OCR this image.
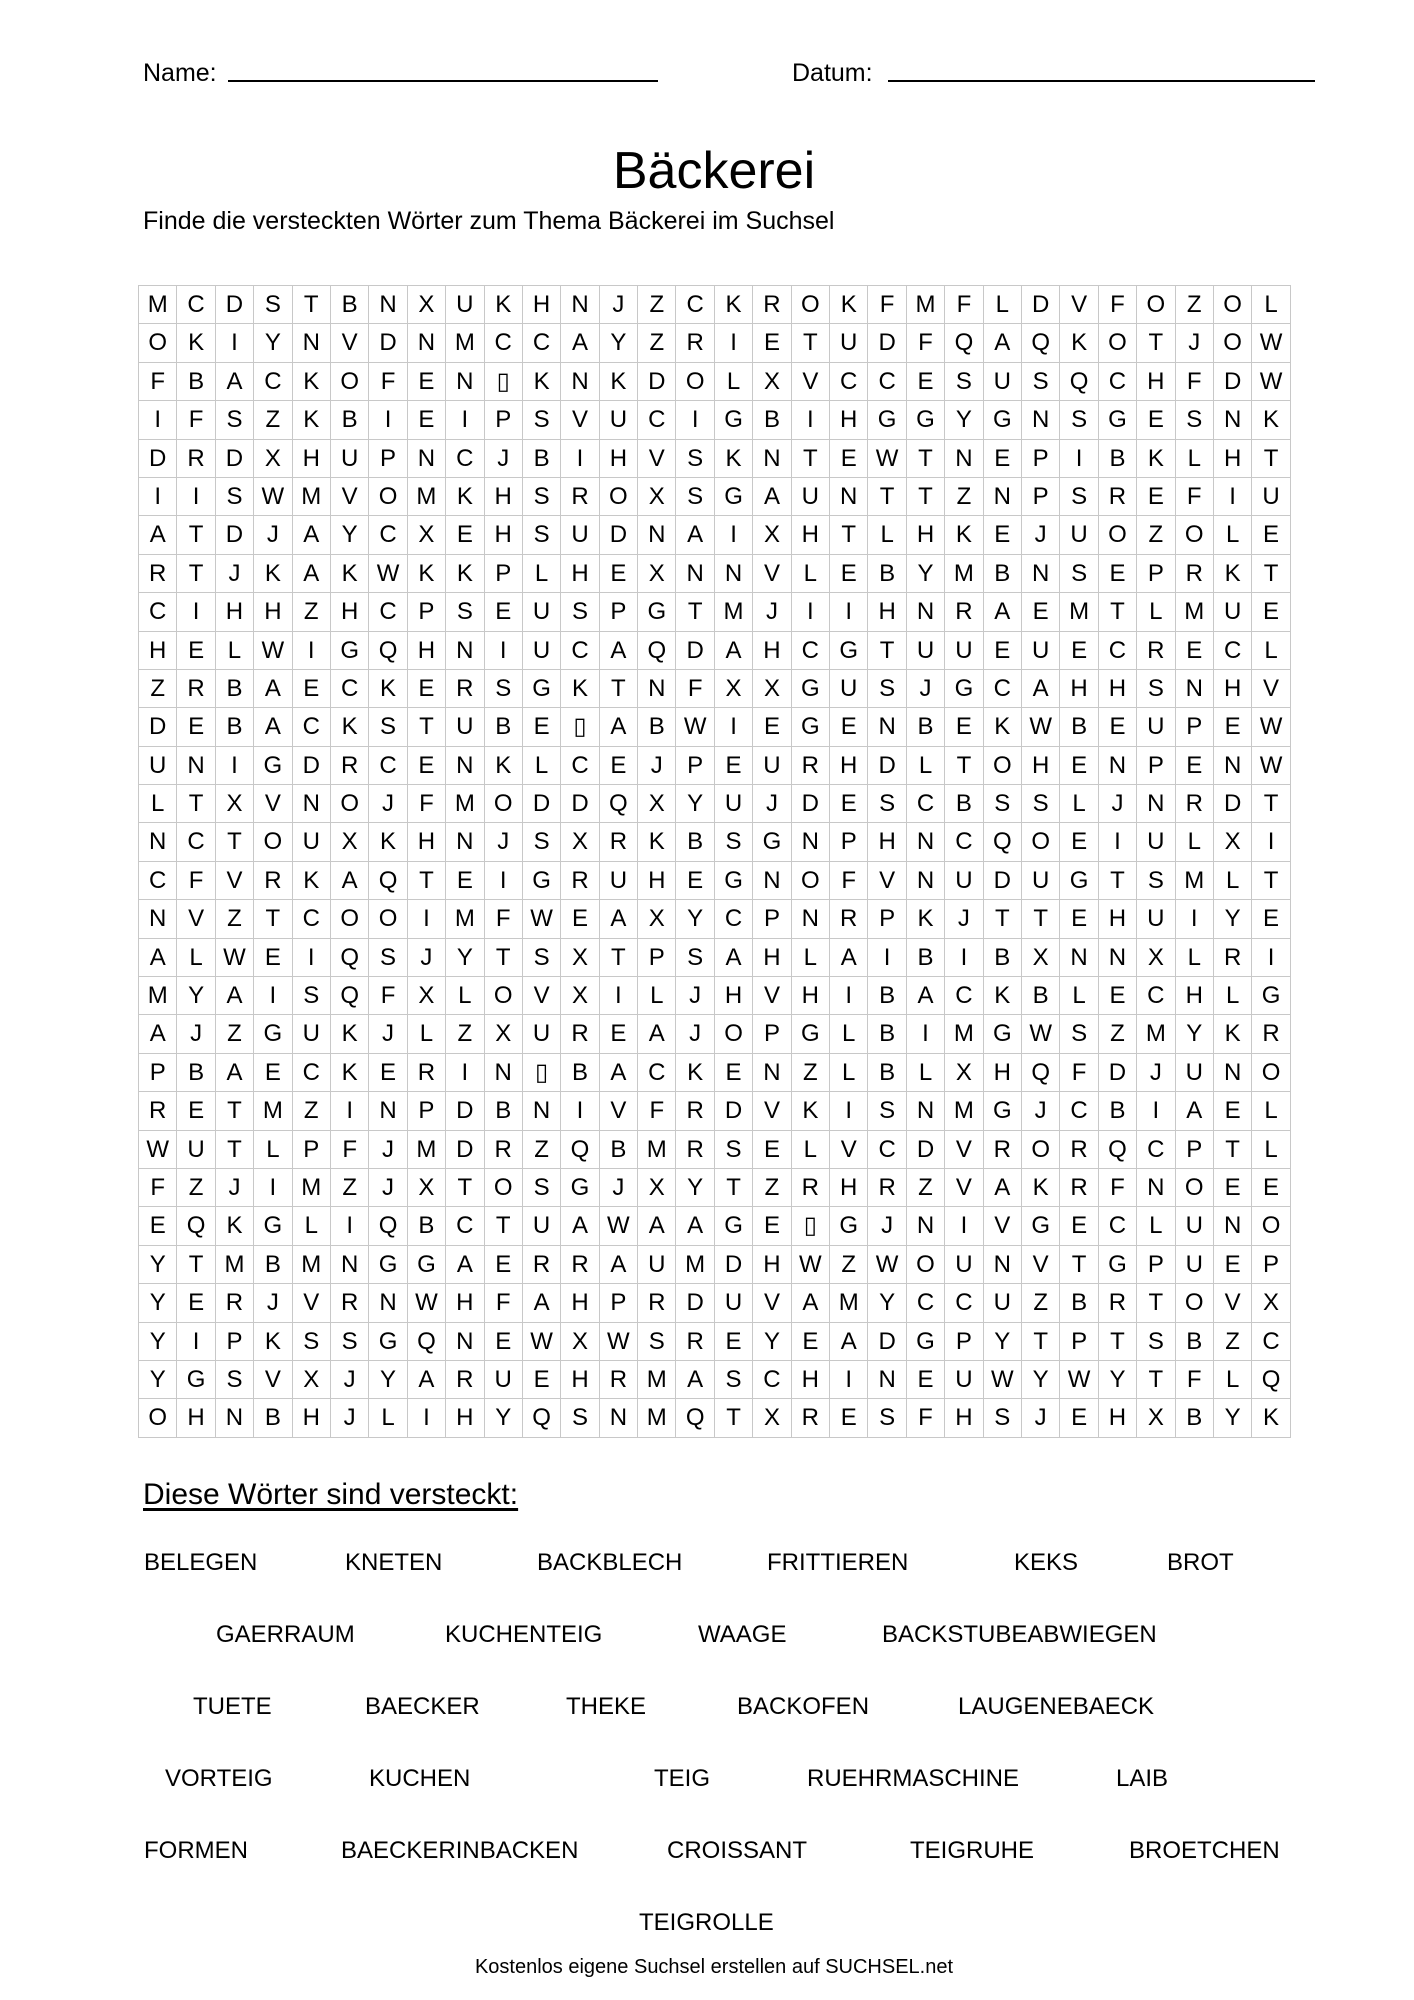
Name:	Datum:
Bäckerei
Finde die versteckten Wörter zum Thema Bäckerei im Suchsel
M C D S T B N X U K H N J	Z C K R O K F M F	L D V F O Z O L
O K	I	Y N V D N M C C A Y Z R	I	E T U D F Q A Q K O T	J O W
F B A C K O F E N ▯ K N K D O L X V C C E S U S Q C H F D W
I	F S Z K B	I	E	I	P S V U C	I	G B	I	H G G Y G N S G E S N K
D R D X H U P N C J	B	I	H V S K N T E W T N E P	I	B K L H T
I	I	S W M V O M K H S R O X S G A U N T T Z N P S R E F	I	U
A T D J	A Y C X E H S U D N A	I	X H T	L H K E	J U O Z O L E
R T	J	K A K W K K P L H E X N N V L E B Y M B N S E P R K T
C	I	H H Z H C P S E U S P G T M J	I	I	H N R A E M T	L M U E
H E L W I	G Q H N	I	U C A Q D A H C G T U U E U E C R E C L
Z R B A E C K E R S G K T N F X X G U S	J G C A H H S N H V
D E B A C K S T U B E ▯ A B W I	E G E N B E K W B E U P E W
U N	I	G D R C E N K L C E	J	P E U R H D L	T O H E N P E N W
L	T X V N O J	F M O D D Q X Y U J D E S C B S S L	J N R D T
N C T O U X K H N J	S X R K B S G N P H N C Q O E	I	U L X	I
C F V R K A Q T E	I	G R U H E G N O F V N U D U G T S M L	T
N V Z T C O O	I	M F W E A X Y C P N R P K	J	T T E H U	I	Y E
A L W E	I	Q S	J	Y T S X T P S A H L A	I	B	I	B X N N X L R	I
M Y A	I	S Q F X L O V X	I	L	J H V H	I	B A C K B L E C H L G
A	J	Z G U K	J	L	Z X U R E A	J O P G L B	I	M G W S Z M Y K R
P B A E C K E R	I	N ▯ B A C K E N Z	L B L X H Q F D J U N O
R E T M Z	I	N P D B N	I	V F R D V K	I	S N M G J C B	I	A E L
W U T	L P F	J M D R Z Q B M R S E L V C D V R O R Q C P T	L
F Z	J	I	M Z	J	X T O S G J	X Y T Z R H R Z V A K R F N O E E
E Q K G L	I	Q B C T U A W A A G E ▯ G J N	I	V G E C L U N O
Y T M B M N G G A E R R A U M D H W Z W O U N V T G P U E P
Y E R J	V R N W H F A H P R D U V A M Y C C U Z B R T O V X
Y	I	P K S S G Q N E W X W S R E Y E A D G P Y T P T S B Z C
Y G S V X	J	Y A R U E H R M A S C H	I	N E U W Y W Y T F	L Q
O H N B H J	L	I	H Y Q S N M Q T X R E S F H S	J	E H X B Y K
Diese Wörter sind versteckt:
BELEGEN	KNETEN	BACKBLECH	FRITTIEREN	KEKS	BROT
GAERRAUM	KUCHENTEIG	WAAGE	BACKSTUBEABWIEGEN
TUETE	BAECKER	THEKE	BACKOFEN	LAUGENEBAECK
VORTEIG	KUCHEN	TEIG	RUEHRMASCHINE	LAIB
FORMEN	BAECKERINBACKEN	CROISSANT	TEIGRUHE	BROETCHEN
TEIGROLLE
Kostenlos eigene Suchsel erstellen auf SUCHSEL.net
